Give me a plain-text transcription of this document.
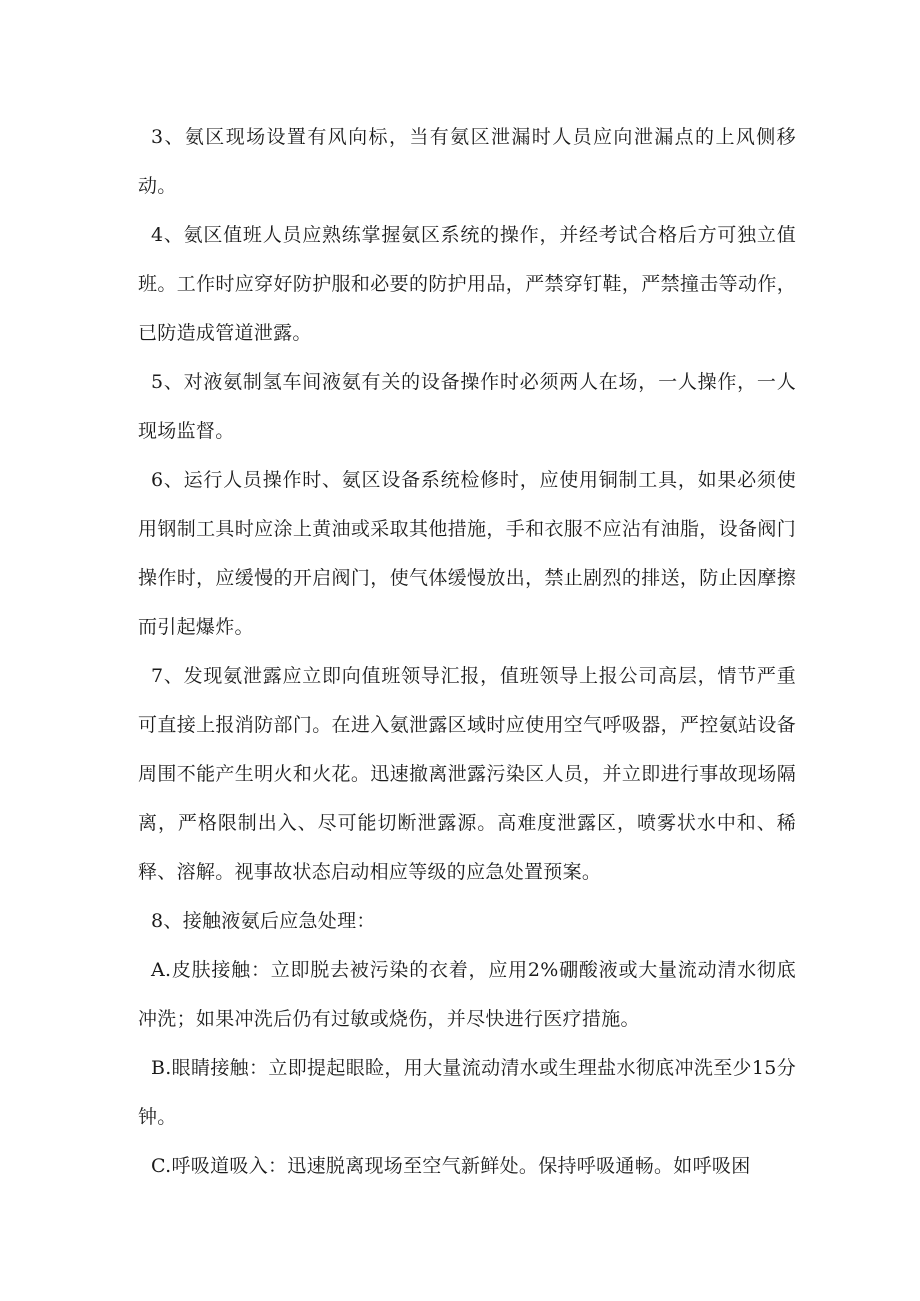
3、氨区现场设置有风向标，当有氨区泄漏时人员应向泄漏点的上风侧移动。

4、氨区值班人员应熟练掌握氨区系统的操作，并经考试合格后方可独立值班。工作时应穿好防护服和必要的防护用品，严禁穿钉鞋，严禁撞击等动作，已防造成管道泄露。

5、对液氨制氢车间液氨有关的设备操作时必须两人在场，一人操作，一人现场监督。

6、运行人员操作时、氨区设备系统检修时，应使用铜制工具，如果必须使用钢制工具时应涂上黄油或采取其他措施，手和衣服不应沾有油脂，设备阀门操作时，应缓慢的开启阀门，使气体缓慢放出，禁止剧烈的排送，防止因摩擦而引起爆炸。

7、发现氨泄露应立即向值班领导汇报，值班领导上报公司高层，情节严重可直接上报消防部门。在进入氨泄露区域时应使用空气呼吸器，严控氨站设备周围不能产生明火和火花。迅速撤离泄露污染区人员，并立即进行事故现场隔离，严格限制出入、尽可能切断泄露源。高难度泄露区，喷雾状水中和、稀释、溶解。视事故状态启动相应等级的应急处置预案。

8、接触液氨后应急处理：

A.皮肤接触：立即脱去被污染的衣着，应用2%硼酸液或大量流动清水彻底冲洗；如果冲洗后仍有过敏或烧伤，并尽快进行医疗措施。

B.眼睛接触：立即提起眼睑，用大量流动清水或生理盐水彻底冲洗至少15分钟。

C.呼吸道吸入：迅速脱离现场至空气新鲜处。保持呼吸通畅。如呼吸困
